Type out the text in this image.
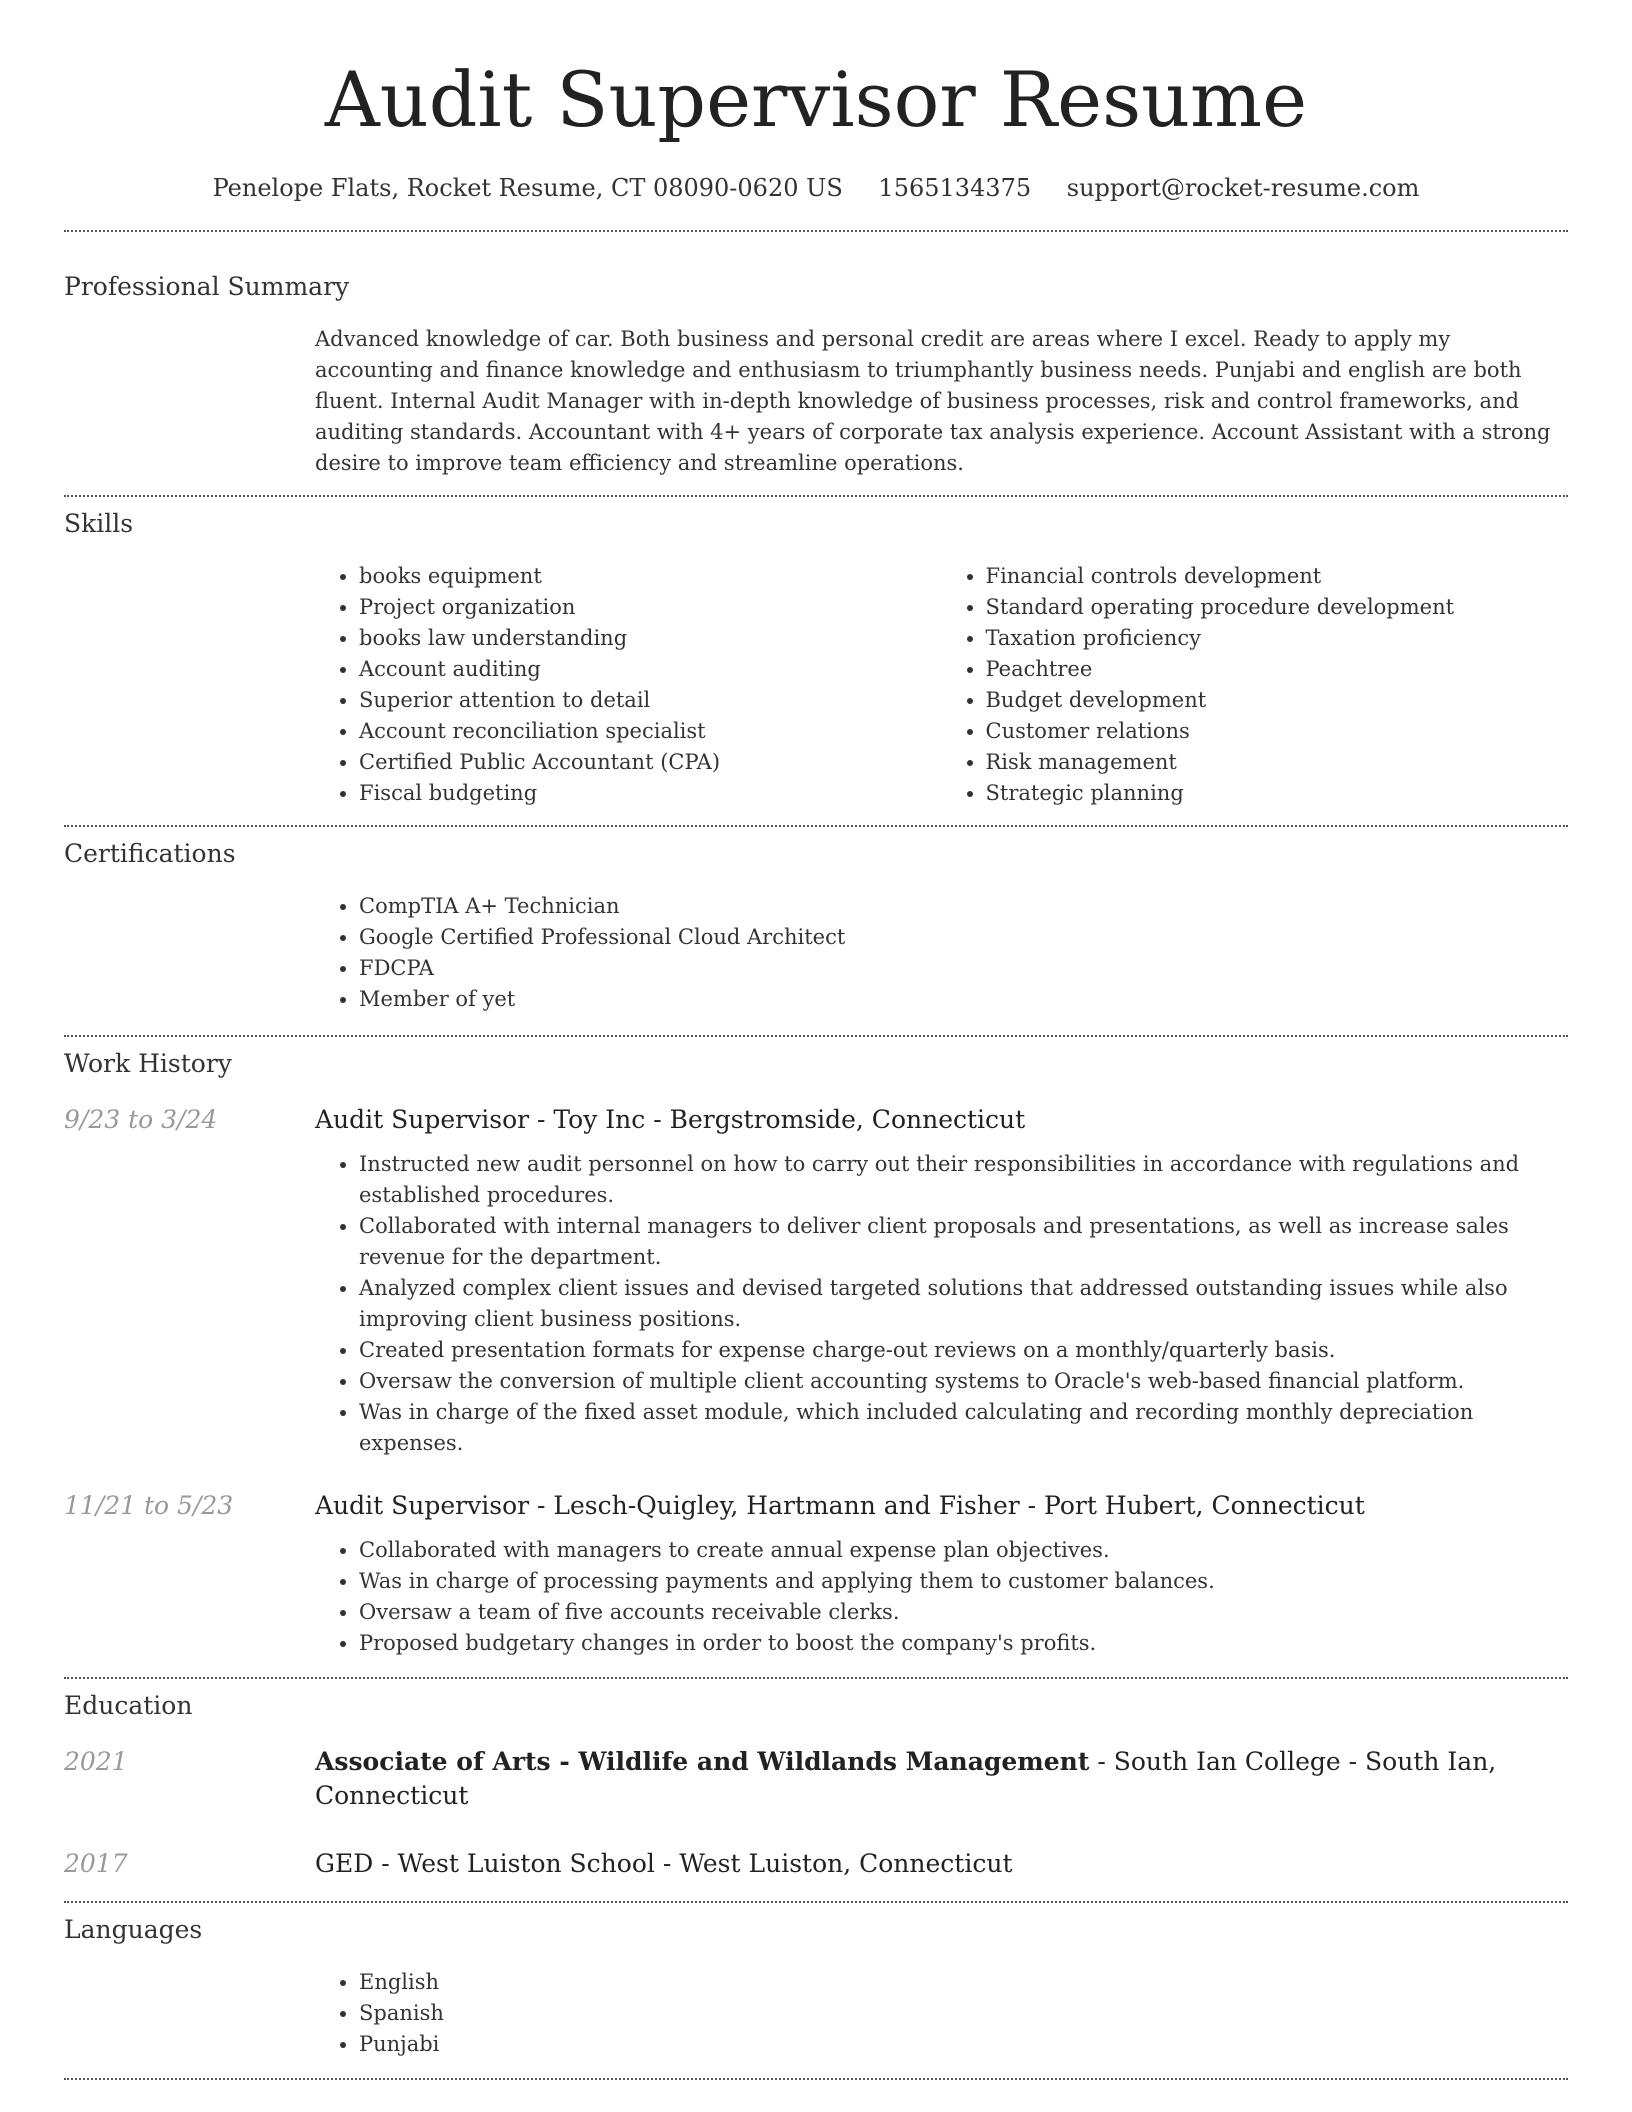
Audit Supervisor Resume
Penelope Flats, Rocket Resume, CT 08090-0620 US 1565134375 support@rocket-resume.com
Professional Summary

Advanced knowledge of car. Both business and personal credit are areas where I excel. Ready to apply my accounting and finance knowledge and enthusiasm to triumphantly business needs. Punjabi and english are both fluent. Internal Audit Manager with in-depth knowledge of business processes, risk and control frameworks, and auditing standards. Accountant with 4+ years of corporate tax analysis experience. Account Assistant with a strong desire to improve team efficiency and streamline operations.

Skills
• books equipment
• Project organization
• books law understanding
• Account auditing
• Superior attention to detail
• Account reconciliation specialist
• Certified Public Accountant (CPA)
• Fiscal budgeting
• Financial controls development
• Standard operating procedure development
• Taxation proficiency
• Peachtree
• Budget development
• Customer relations
• Risk management
• Strategic planning
Certifications
• CompTIA A+ Technician
• Google Certified Professional Cloud Architect
• FDCPA
• Member of yet
Work History
9/23 to 3/24	Audit Supervisor - Toy Inc - Bergstromside, Connecticut
• Instructed new audit personnel on how to carry out their responsibilities in accordance with regulations and established procedures.
• Collaborated with internal managers to deliver client proposals and presentations, as well as increase sales revenue for the department.
• Analyzed complex client issues and devised targeted solutions that addressed outstanding issues while also improving client business positions.
• Created presentation formats for expense charge-out reviews on a monthly/quarterly basis.
• Oversaw the conversion of multiple client accounting systems to Oracle's web-based financial platform.
• Was in charge of the fixed asset module, which included calculating and recording monthly depreciation expenses.
11/21 to 5/23	Audit Supervisor - Lesch-Quigley, Hartmann and Fisher - Port Hubert, Connecticut
• Collaborated with managers to create annual expense plan objectives.
• Was in charge of processing payments and applying them to customer balances.
• Oversaw a team of five accounts receivable clerks.
• Proposed budgetary changes in order to boost the company's profits.
Education
2021	Associate of Arts - Wildlife and Wildlands Management - South Ian College - South Ian, Connecticut
2017	GED - West Luiston School - West Luiston, Connecticut
Languages
• English
• Spanish
• Punjabi
